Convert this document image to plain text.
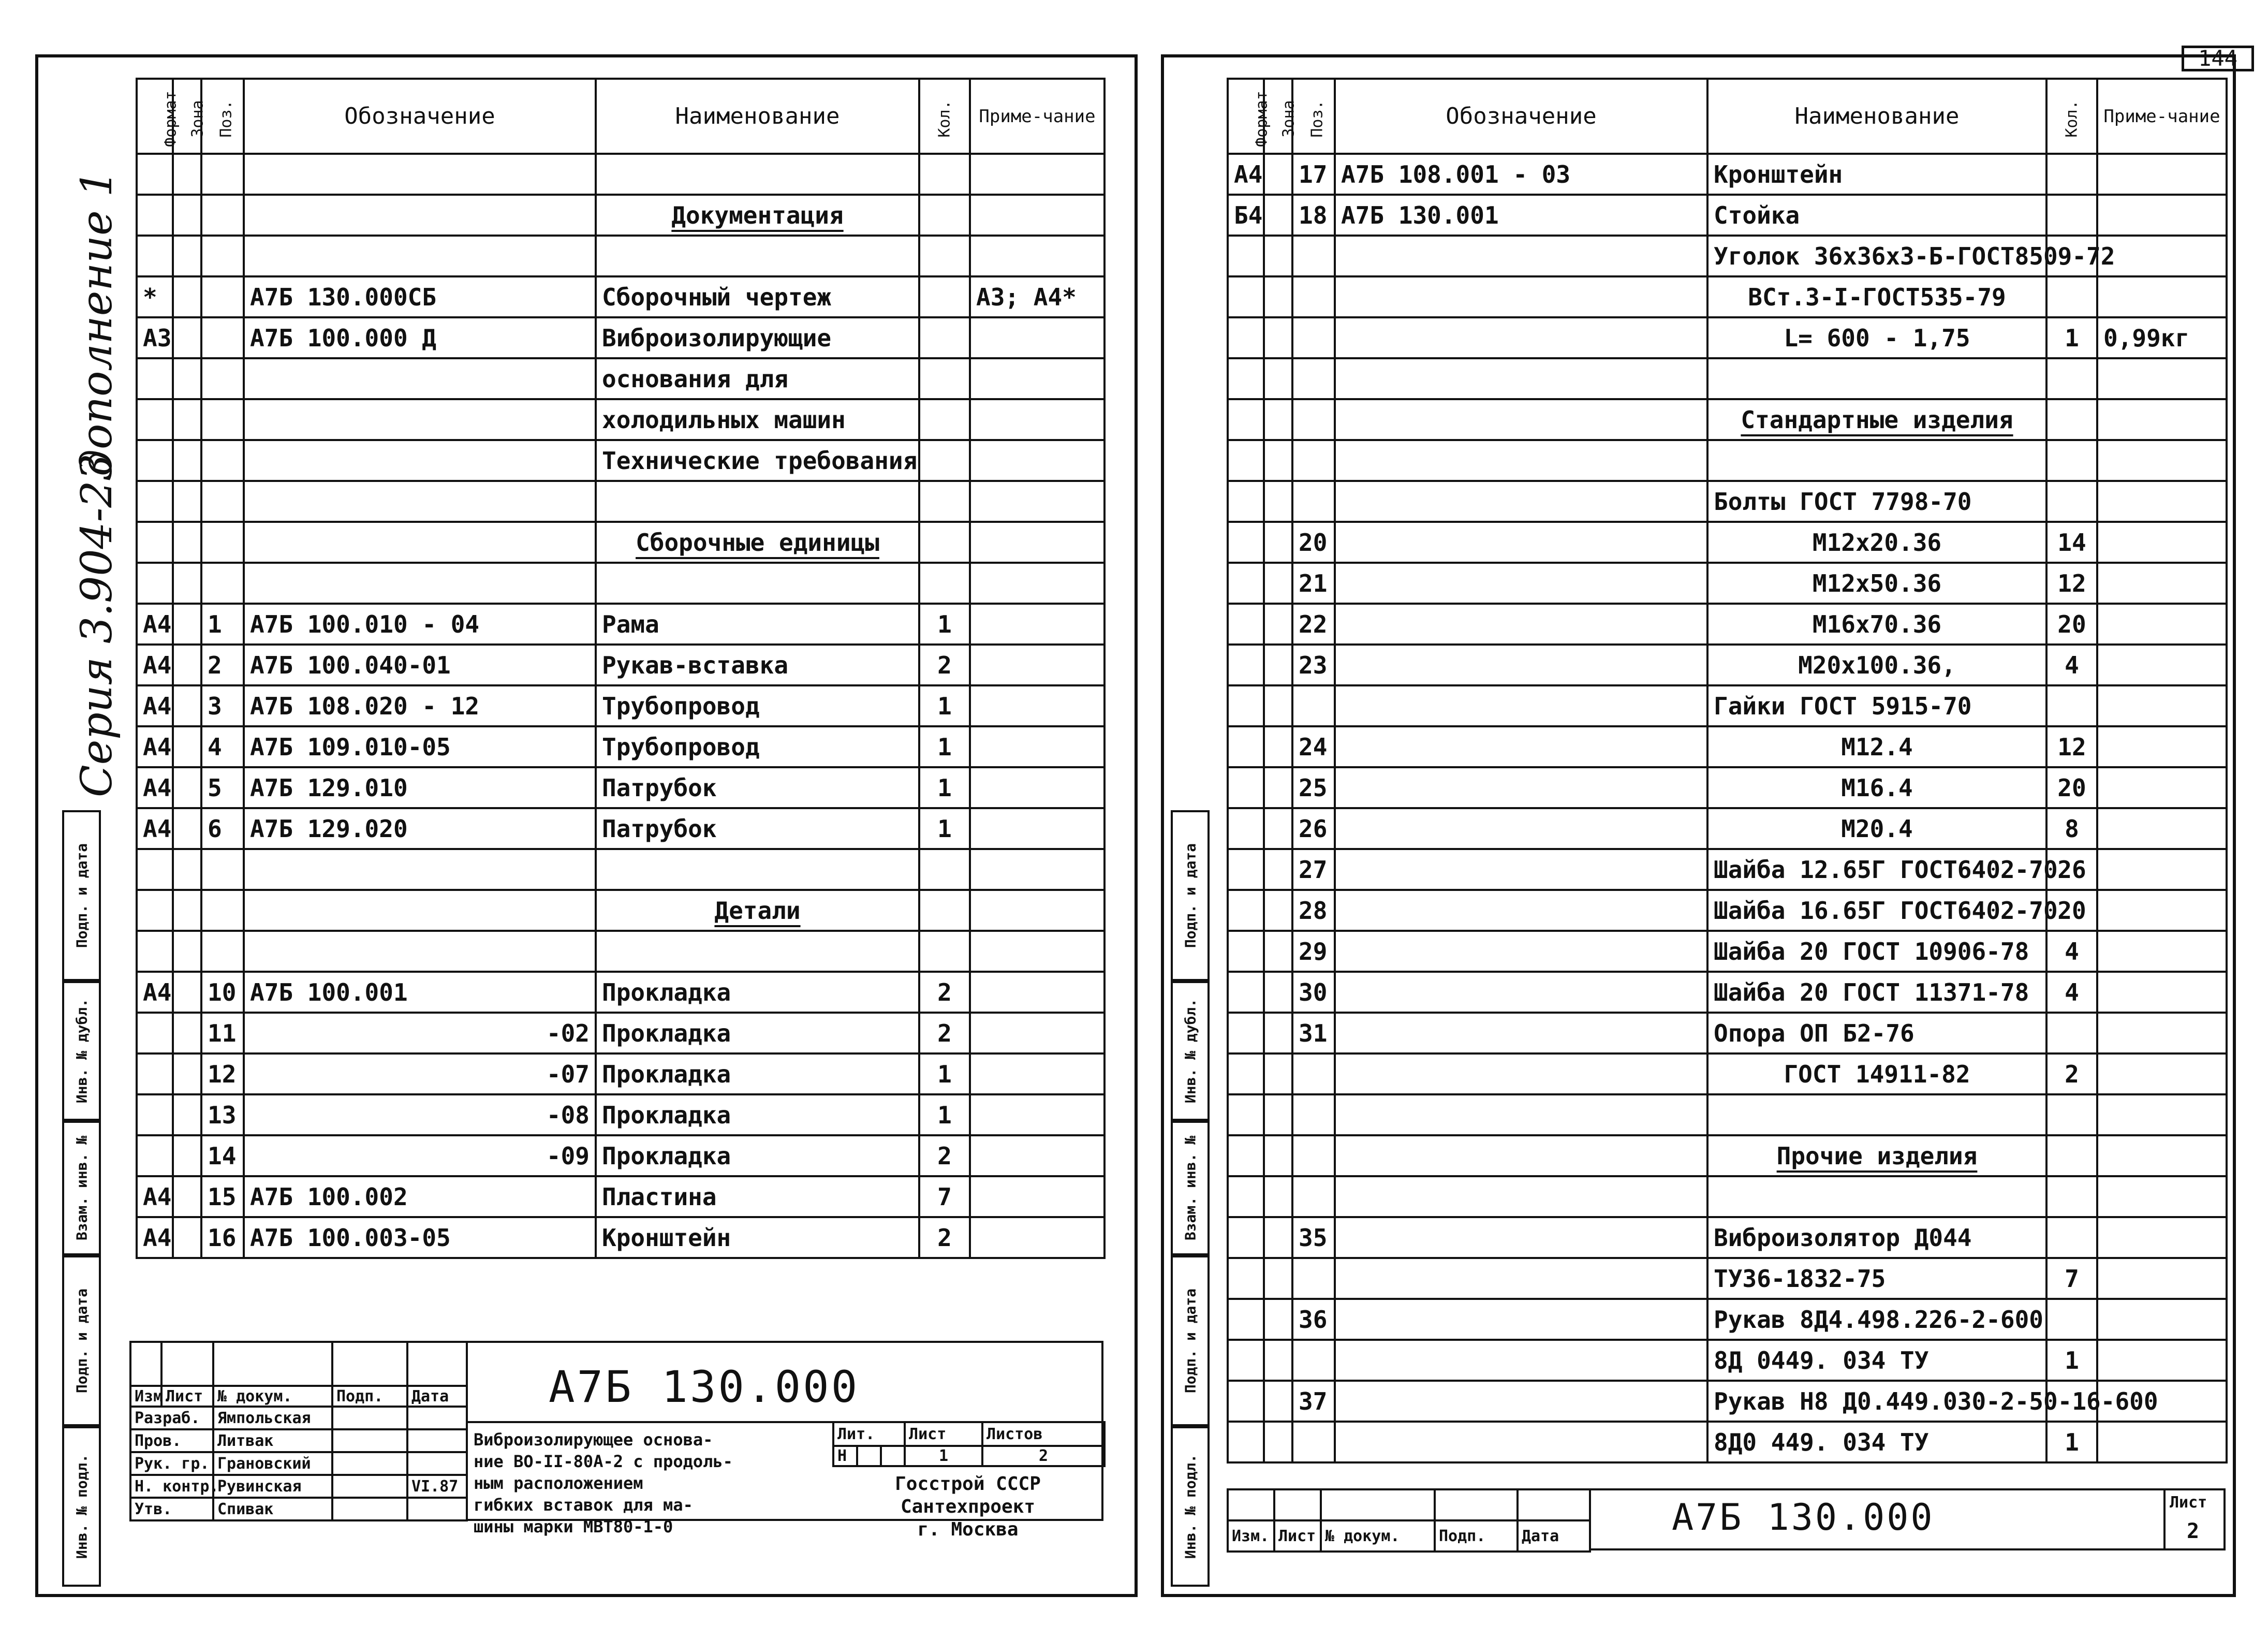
144
Серия 3.904-23
дополнение 1
Подп. и дата
Инв. № дубл.
Взам. инв. №
Подп. и дата
Инв. № подл.
Формат	Зона	Поз.	Обозначение	Наименование	Кол.	Приме-чание

				Документация		

*			А7Б 130.000СБ	Сборочный чертеж		А3; А4*
А3			А7Б 100.000 Д	Виброизолирующие		
				основания для		
				холодильных машин		
				Технические требования		

				Сборочные единицы		

А4		1	А7Б 100.010 - 04	Рама	1	
А4		2	А7Б 100.040-01	Рукав-вставка	2	
А4		3	А7Б 108.020 - 12	Трубопровод	1	
А4		4	А7Б 109.010-05	Трубопровод	1	
А4		5	А7Б 129.010	Патрубок	1	
А4		6	А7Б 129.020	Патрубок	1	

				Детали		

А4		10	А7Б 100.001	Прокладка	2	
		11	-02	Прокладка	2	
		12	-07	Прокладка	1	
		13	-08	Прокладка	1	
		14	-09	Прокладка	2	
А4		15	А7Б 100.002	Пластина	7	
А4		16	А7Б 100.003-05	Кронштейн	2	

Изм.	Лист	№ докум.	Подп.	Дата
Разраб.		Ямпольская		
Пров.		Литвак		
Рук. гр.		Грановский		
Н. контр.		Рувинская		VI.87
Утв.		Спивак		
А7Б 130.000
Виброизолирующее основа-
ние ВО-II-80А-2 с продоль-
ным расположением
гибких вставок для ма-
шины марки МВТ80-1-0
Лит.			Лист	Листов
Н			1	2
Госстрой СССР
Сантехпроект
г. Москва
Подп. и дата
Инв. № дубл.
Взам. инв. №
Подп. и дата
Инв. № подл.
Формат	Зона	Поз.	Обозначение	Наименование	Кол.	Приме-чание
А4		17	А7Б 108.001 - 03	Кронштейн		
Б4		18	А7Б 130.001	Стойка		
				Уголок 36x36x3-Б-ГОСТ8509-72		
				ВСт.3-I-ГОСТ535-79		
				L= 600 - 1,75	1	0,99кг

				Стандартные изделия		

				Болты ГОСТ 7798-70		
		20		М12x20.36	14	
		21		М12x50.36	12	
		22		М16x70.36	20	
		23		М20x100.36,	4	
				Гайки ГОСТ 5915-70		
		24		М12.4	12	
		25		М16.4	20	
		26		М20.4	8	
		27		Шайба 12.65Г ГОСТ6402-70	26	
		28		Шайба 16.65Г ГОСТ6402-70	20	
		29		Шайба 20 ГОСТ 10906-78	4	
		30		Шайба 20 ГОСТ 11371-78	4	
		31		Опора ОП Б2-76		
				ГОСТ 14911-82	2	

				Прочие изделия		

		35		Виброизолятор Д044		
				ТУ36-1832-75	7	
		36		Рукав 8Д4.498.226-2-600		
				8Д 0449. 034 ТУ	1	
		37		Рукав Н8 Д0.449.030-2-50-16-600		
				8Д0 449. 034 ТУ	1	

Изм.	Лист	№ докум.	Подп.	Дата	А7Б 130.000	Лист
2
